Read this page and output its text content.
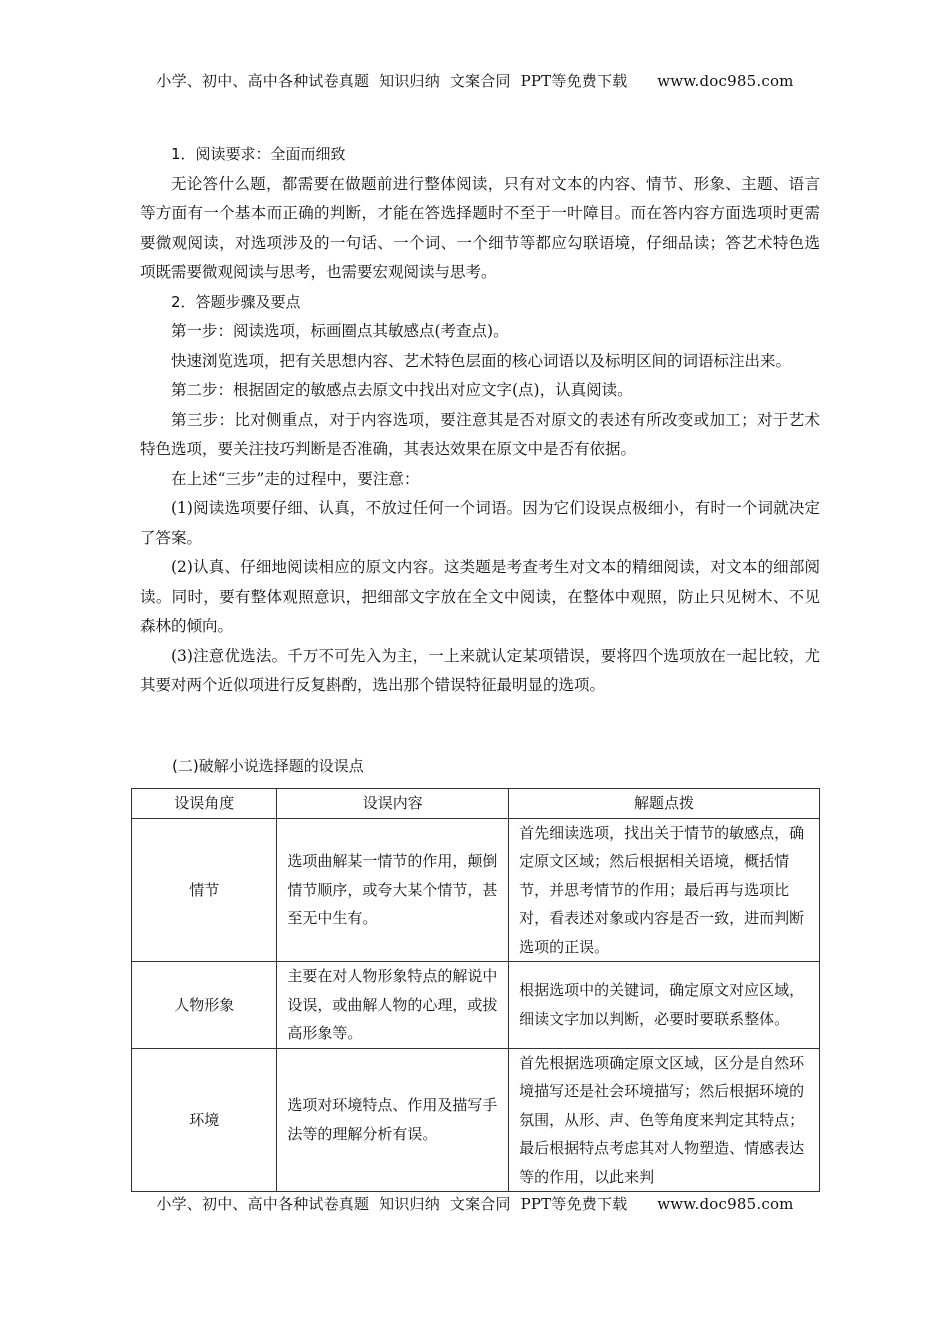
小学、初中、高中各种试卷真题  知识归纳  文案合同  PPT等免费下载      www.doc985.com

1．阅读要求：全面而细致

无论答什么题，都需要在做题前进行整体阅读，只有对文本的内容、情节、形象、主题、语言等方面有一个基本而正确的判断，才能在答选择题时不至于一叶障目。而在答内容方面选项时更需要微观阅读，对选项涉及的一句话、一个词、一个细节等都应勾联语境，仔细品读；答艺术特色选项既需要微观阅读与思考，也需要宏观阅读与思考。

2．答题步骤及要点

第一步：阅读选项，标画圈点其敏感点(考查点)。

快速浏览选项，把有关思想内容、艺术特色层面的核心词语以及标明区间的词语标注出来。

第二步：根据固定的敏感点去原文中找出对应文字(点)，认真阅读。

第三步：比对侧重点，对于内容选项，要注意其是否对原文的表述有所改变或加工；对于艺术特色选项，要关注技巧判断是否准确，其表达效果在原文中是否有依据。

在上述“三步”走的过程中，要注意：

(1)阅读选项要仔细、认真，不放过任何一个词语。因为它们设误点极细小，有时一个词就决定了答案。

(2)认真、仔细地阅读相应的原文内容。这类题是考查考生对文本的精细阅读，对文本的细部阅读。同时，要有整体观照意识，把细部文字放在全文中阅读，在整体中观照，防止只见树木、不见森林的倾向。

(3)注意优选法。千万不可先入为主，一上来就认定某项错误，要将四个选项放在一起比较，尤其要对两个近似项进行反复斟酌，选出那个错误特征最明显的选项。

(二)破解小说选择题的设误点
设误角度	设误内容	解题点拨
情节	选项曲解某一情节的作用，颠倒情节顺序，或夸大某个情节，甚至无中生有。	首先细读选项，找出关于情节的敏感点，确定原文区域；然后根据相关语境，概括情节，并思考情节的作用；最后再与选项比对，看表述对象或内容是否一致，进而判断选项的正误。
人物形象	主要在对人物形象特点的解说中设误，或曲解人物的心理，或拔高形象等。	根据选项中的关键词，确定原文对应区域，细读文字加以判断，必要时要联系整体。
环境	选项对环境特点、作用及描写手法等的理解分析有误。	首先根据选项确定原文区域，区分是自然环境描写还是社会环境描写；然后根据环境的氛围，从形、声、色等角度来判定其特点；最后根据特点考虑其对人物塑造、情感表达等的作用，以此来判
小学、初中、高中各种试卷真题  知识归纳  文案合同  PPT等免费下载      www.doc985.com
